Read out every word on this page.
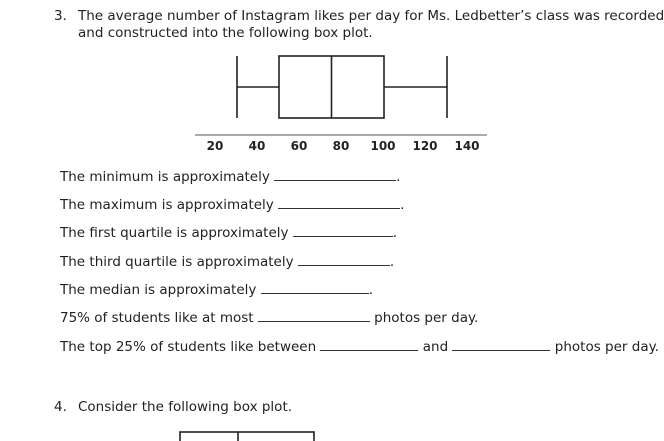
3. The average number of Instagram likes per day for Ms. Ledbetter’s class was recorded
and constructed into the following box plot.
20 40 60 80 100 120 140
The minimum is approximately	.
The maximum is approximately	.
The first quartile is approximately	.
The third quartile is approximately	.
The median is approximately	.
75% of students like at most	photos per day.
The top 25% of students like between	and	photos per day.
4. Consider the following box plot.
